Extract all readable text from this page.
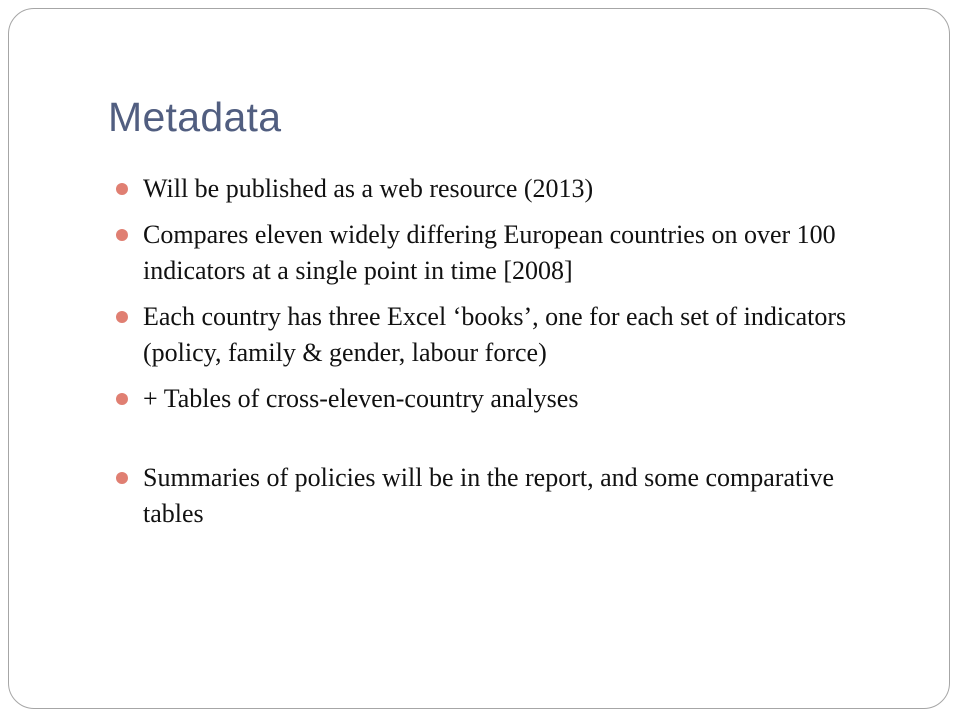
Metadata
Will be published as a web resource (2013)
Compares eleven widely differing European countries on over 100 indicators at a single point in time [2008]
Each country has three Excel ‘books’, one for each set of indicators (policy, family & gender, labour force)
+ Tables of cross-eleven-country analyses
Summaries of policies will be in the report, and some comparative tables
